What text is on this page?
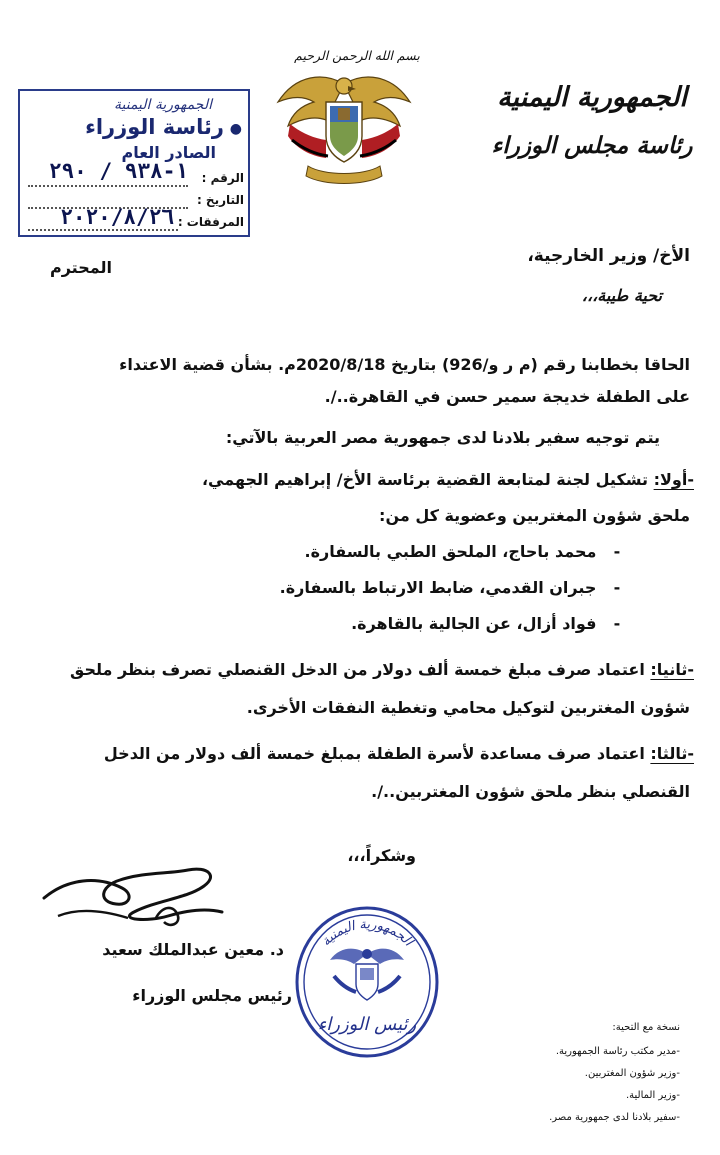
الجمهورية اليمنية
رئاسة مجلس الوزراء
بسم الله الرحمن الرحيم
الجمهورية اليمنية
●
رئاسة الوزراء
الصادر العام
الرقم :
١-٩٣٨ / ٢٩٠
التاريخ :
المرفقات :
٢٠٢٠/٨/٢٦
الأخ/ وزير الخارجية،
المحترم
تحية طيبة،،،
الحاقا بخطابنا رقم (م ر و/926) بتاريخ 2020/8/18م. بشأن قضية الاعتداء
على الطفلة خديجة سمير حسن في القاهرة../.
يتم توجيه سفير بلادنا لدى جمهورية مصر العربية بالآتي:
-أولا: تشكيل لجنة لمتابعة القضية برئاسة الأخ/ إبراهيم الجهمي،
ملحق شؤون المغتربين وعضوية كل من:
- محمد باحاج، الملحق الطبي بالسفارة.
- جبران القدمي، ضابط الارتباط بالسفارة.
- فواد أزال، عن الجالية بالقاهرة.
-ثانيا: اعتماد صرف مبلغ خمسة ألف دولار من الدخل القنصلي تصرف بنظر ملحق
شؤون المغتربين لتوكيل محامي وتغطية النفقات الأخرى.
-ثالثا: اعتماد صرف مساعدة لأسرة الطفلة بمبلغ خمسة ألف دولار من الدخل
القنصلي بنظر ملحق شؤون المغتربين../.
وشكراً،،،
د. معين عبدالملك سعيد
رئيس مجلس الوزراء
الجمهورية اليمنية
رئيس الوزراء	نسخة مع التحية:
-مدير مكتب رئاسة الجمهورية.
-وزير شؤون المغتربين.
-وزير المالية.
-سفير بلادنا لدى جمهورية مصر.
